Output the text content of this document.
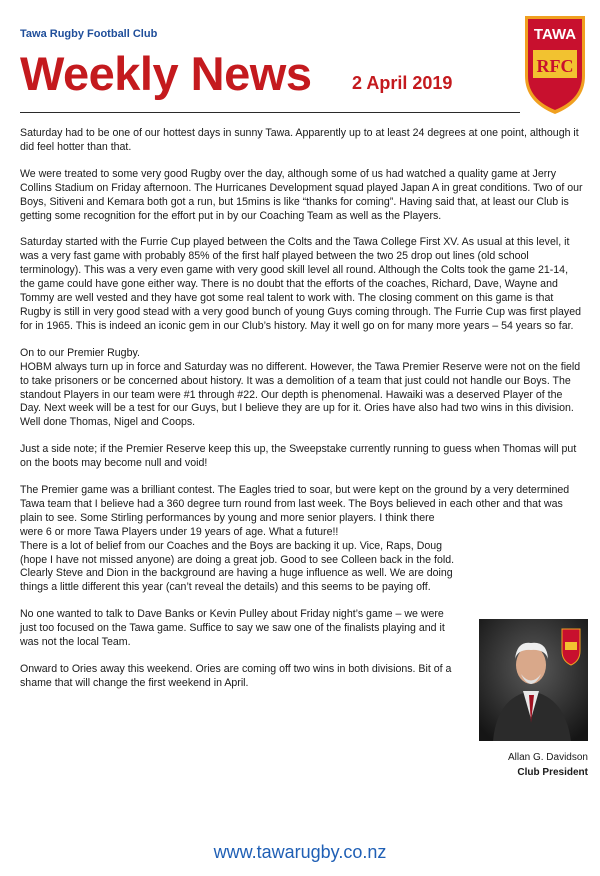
Tawa Rugby Football Club
Weekly News 2 April 2019
TAWA
RFC

Saturday had to be one of our hottest days in sunny Tawa. Apparently up to at least 24 degrees at one point, although it did feel hotter than that.

We were treated to some very good Rugby over the day, although some of us had watched a quality game at Jerry Collins Stadium on Friday afternoon. The Hurricanes Development squad played Japan A in great conditions. Two of our Boys, Sitiveni and Kemara both got a run, but 15mins is like “thanks for coming”. Having said that, at least our Club is getting some recognition for the effort put in by our Coaching Team as well as the Players.

Saturday started with the Furrie Cup played between the Colts and the Tawa College First XV. As usual at this level, it was a very fast game with probably 85% of the first half played between the two 25 drop out lines (old school terminology). This was a very even game with very good skill level all round. Although the Colts took the game 21-14, the game could have gone either way. There is no doubt that the efforts of the coaches, Richard, Dave, Wayne and Tommy are well vested and they have got some real talent to work with. The closing comment on this game is that Rugby is still in very good stead with a very good bunch of young Guys coming through. The Furrie Cup was first played for in 1965. This is indeed an iconic gem in our Club’s history. May it well go on for many more years – 54 years so far.

On to our Premier Rugby.
HOBM always turn up in force and Saturday was no different. However, the Tawa Premier Reserve were not on the field to take prisoners or be concerned about history. It was a demolition of a team that just could not handle our Boys. The standout Players in our team were #1 through #22. Our depth is phenomenal. Hawaiki was a deserved Player of the Day. Next week will be a test for our Guys, but I believe they are up for it. Ories have also had two wins in this division. Well done Thomas, Nigel and Coops.

Just a side note; if the Premier Reserve keep this up, the Sweepstake currently running to guess when Thomas will put on the boots may become null and void!

The Premier game was a brilliant contest. The Eagles tried to soar, but were kept on the ground by a very determined Tawa team that I believe had a 360 degree turn round from last week. The Boys believed in each other and that was plain to see. Some Stirling performances by young and more senior players. I think there
were 6 or more Tawa Players under 19 years of age. What a future!!
There is a lot of belief from our Coaches and the Boys are backing it up. Vice, Raps, Doug
(hope I have not missed anyone) are doing a great job. Good to see Colleen back in the fold.
Clearly Steve and Dion in the background are having a huge influence as well. We are doing
things a little different this year (can’t reveal the details) and this seems to be paying off.

No one wanted to talk to Dave Banks or Kevin Pulley about Friday night’s game – we were
just too focused on the Tawa game. Suffice to say we saw one of the finalists playing and it
was not the local Team.

Onward to Ories away this weekend. Ories are coming off two wins in both divisions. Bit of a
shame that will change the first weekend in April.

Allan G. Davidson
Club President
www.tawarugby.co.nz
